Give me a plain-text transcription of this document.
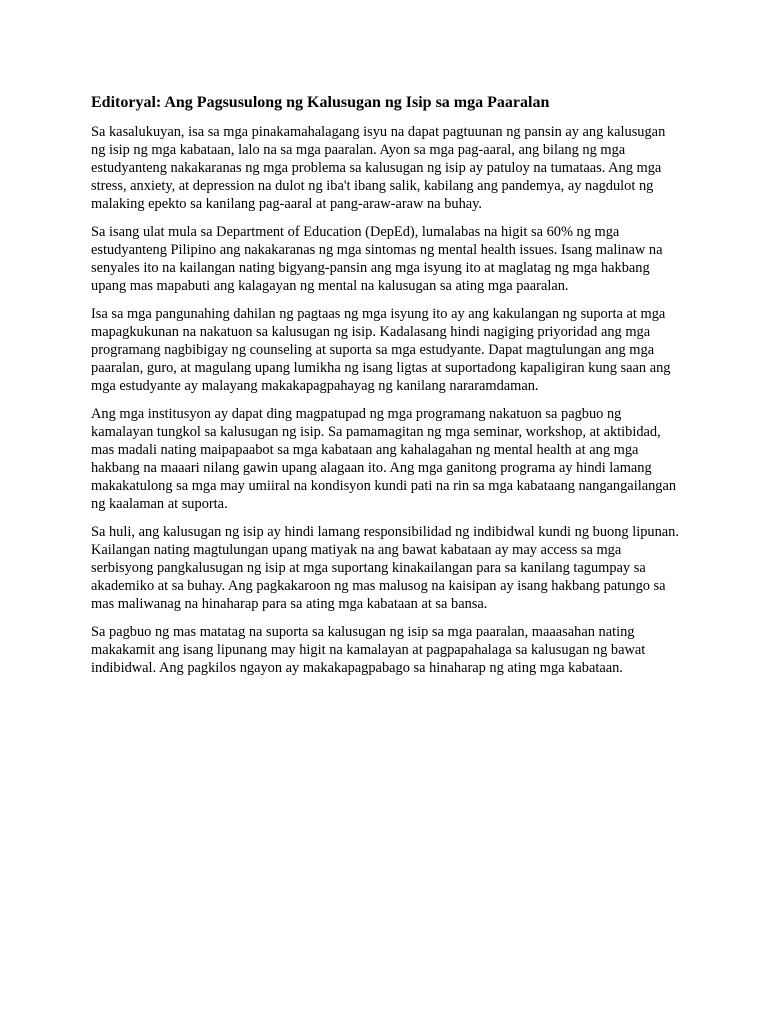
Editoryal: Ang Pagsusulong ng Kalusugan ng Isip sa mga Paaralan

Sa kasalukuyan, isa sa mga pinakamahalagang isyu na dapat pagtuunan ng pansin ay ang kalusugan ng isip ng mga kabataan, lalo na sa mga paaralan. Ayon sa mga pag-aaral, ang bilang ng mga estudyanteng nakakaranas ng mga problema sa kalusugan ng isip ay patuloy na tumataas. Ang mga stress, anxiety, at depression na dulot ng iba't ibang salik, kabilang ang pandemya, ay nagdulot ng malaking epekto sa kanilang pag-aaral at pang-araw-araw na buhay.

Sa isang ulat mula sa Department of Education (DepEd), lumalabas na higit sa 60% ng mga estudyanteng Pilipino ang nakakaranas ng mga sintomas ng mental health issues. Isang malinaw na senyales ito na kailangan nating bigyang-pansin ang mga isyung ito at maglatag ng mga hakbang upang mas mapabuti ang kalagayan ng mental na kalusugan sa ating mga paaralan.

Isa sa mga pangunahing dahilan ng pagtaas ng mga isyung ito ay ang kakulangan ng suporta at mga mapagkukunan na nakatuon sa kalusugan ng isip. Kadalasang hindi nagiging priyoridad ang mga programang nagbibigay ng counseling at suporta sa mga estudyante. Dapat magtulungan ang mga paaralan, guro, at magulang upang lumikha ng isang ligtas at suportadong kapaligiran kung saan ang mga estudyante ay malayang makakapagpahayag ng kanilang nararamdaman.

Ang mga institusyon ay dapat ding magpatupad ng mga programang nakatuon sa pagbuo ng kamalayan tungkol sa kalusugan ng isip. Sa pamamagitan ng mga seminar, workshop, at aktibidad, mas madali nating maipapaabot sa mga kabataan ang kahalagahan ng mental health at ang mga hakbang na maaari nilang gawin upang alagaan ito. Ang mga ganitong programa ay hindi lamang makakatulong sa mga may umiiral na kondisyon kundi pati na rin sa mga kabataang nangangailangan ng kaalaman at suporta.

Sa huli, ang kalusugan ng isip ay hindi lamang responsibilidad ng indibidwal kundi ng buong lipunan. Kailangan nating magtulungan upang matiyak na ang bawat kabataan ay may access sa mga serbisyong pangkalusugan ng isip at mga suportang kinakailangan para sa kanilang tagumpay sa akademiko at sa buhay. Ang pagkakaroon ng mas malusog na kaisipan ay isang hakbang patungo sa mas maliwanag na hinaharap para sa ating mga kabataan at sa bansa.

Sa pagbuo ng mas matatag na suporta sa kalusugan ng isip sa mga paaralan, maaasahan nating makakamit ang isang lipunang may higit na kamalayan at pagpapahalaga sa kalusugan ng bawat indibidwal. Ang pagkilos ngayon ay makakapagpabago sa hinaharap ng ating mga kabataan.
